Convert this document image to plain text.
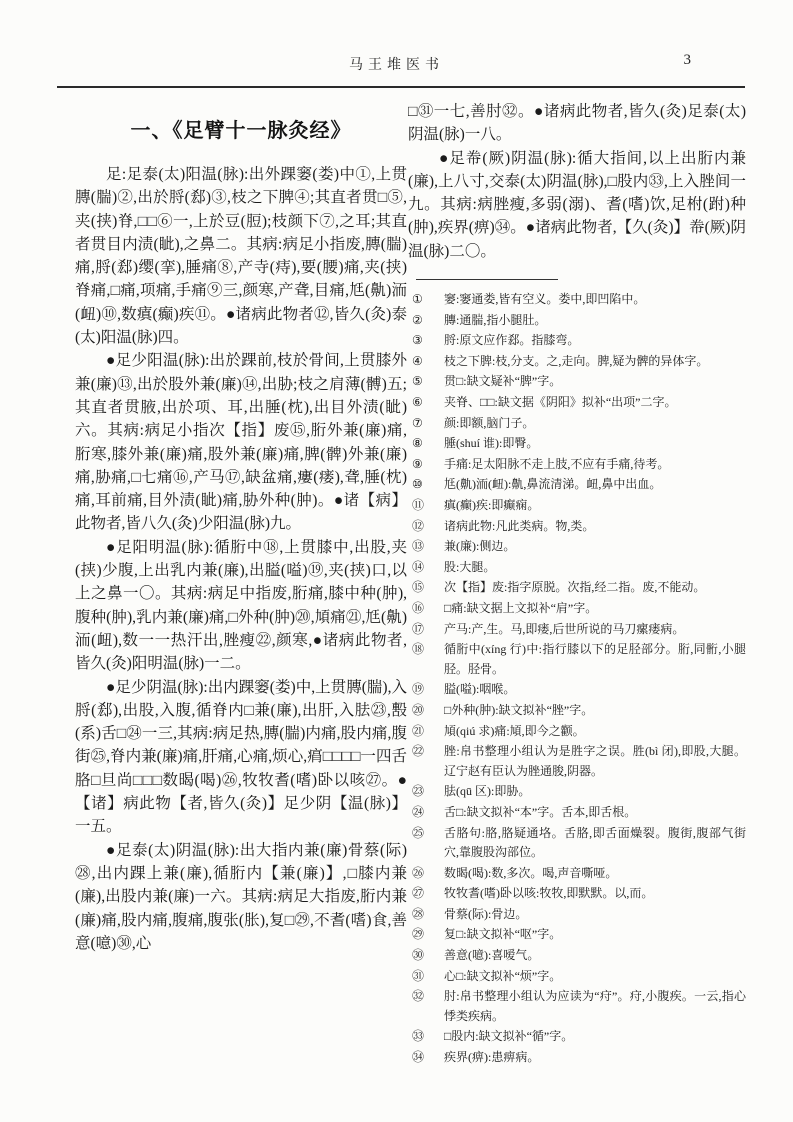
马王堆医书	3
一、《足臂十一脉灸经》

足:足泰(太)阳温(脉):出外踝窭(娄)中①,上贯膞(腨)②,出於脟(郄)③,枝之下脾④;其直者贯□⑤,夹(挟)脊,□□⑥一,上於豆(脰);枝颜下⑦,之耳;其直者贯目内渍(眦),之鼻二。其病:病足小指废,膞(腨)痛,脟(郄)缨(挛),腄痛⑧,产寺(痔),要(腰)痛,夹(挟)脊痛,□痛,项痛,手痛⑨三,颜寒,产聋,目痛,尪(鼽)洏(衄)⑩,数瘨(癫)疾⑪。●诸病此物者⑫,皆久(灸)泰(太)阳温(脉)四。

●足少阳温(脉):出於踝前,枝於骨间,上贯膝外兼(廉)⑬,出於股外兼(廉)⑭,出胁;枝之肩薄(髆)五;其直者贯腋,出於项、耳,出腄(枕),出目外渍(眦)六。其病:病足小指次【指】废⑮,胻外兼(廉)痛,胻寒,膝外兼(廉)痛,股外兼(廉)痛,脾(髀)外兼(廉)痛,胁痛,□七痛⑯,产马⑰,缺盆痛,瘻(瘘),聋,腄(枕)痛,耳前痛,目外渍(眦)痛,胁外种(肿)。●诸【病】此物者,皆八久(灸)少阳温(脉)九。

●足阳明温(脉):循胻中⑱,上贯膝中,出股,夹(挟)少腹,上出乳内兼(廉),出膉(嗌)⑲,夹(挟)口,以上之鼻一〇。其病:病足中指废,胻痛,膝中种(肿),腹种(肿),乳内兼(廉)痛,□外种(肿)⑳,頄痛㉑,尪(鼽)洏(衄),数一一热汗出,脞瘦㉒,颜寒,●诸病此物者,皆久(灸)阳明温(脉)一二。

●足少阴温(脉):出内踝窭(娄)中,上贯膞(腨),入脟(郄),出股,入腹,循脊内□兼(廉),出肝,入胠㉓,毄(系)舌□㉔一三,其病:病足热,膞(腨)内痛,股内痛,腹街㉕,脊内兼(廉)痛,肝痛,心痛,烦心,㾓□□□□一四舌胳□旦尚□□□数暍(喝)㉖,牧牧耆(嗜)卧以咳㉗。●【诸】病此物【者,皆久(灸)】足少阴【温(脉)】一五。

●足泰(太)阴温(脉):出大指内兼(廉)骨蔡(际)㉘,出内踝上兼(廉),循胻内【兼(廉)】,□膝内兼(廉),出股内兼(廉)一六。其病:病足大指废,胻内兼(廉)痛,股内痛,腹痛,腹张(胀),复□㉙,不耆(嗜)食,善意(噫)㉚,心

□㉛一七,善肘㉜。●诸病此物者,皆久(灸)足泰(太)阴温(脉)一八。

●足帣(厥)阴温(脉):循大指间,以上出胻内兼(廉),上八寸,交泰(太)阴温(脉),□股内㉝,上入脞间一九。其病:病脞瘦,多弱(溺)、耆(嗜)饮,足柎(跗)种(肿),疾界(痹)㉞。●诸病此物者,【久(灸)】帣(厥)阴温(脉)二〇。

①	窭:窭通娄,皆有空义。娄中,即凹陷中。
②	膞:通腨,指小腿肚。
③	脟:原文应作郄。指膝弯。
④	枝之下脾:枝,分支。之,走向。脾,疑为髀的异体字。
⑤	贯□:缺文疑补“脾”字。
⑥	夹脊、□□:缺文据《阴阳》拟补“出项”二字。
⑦	颜:即额,脑门子。
⑧	腄(shuí 谁):即臀。
⑨	手痛:足太阳脉不走上肢,不应有手痛,待考。
⑩	尪(鼽)洏(衄):鼽,鼻流清涕。衄,鼻中出血。
⑪	瘨(癫)疾:即癫痫。
⑫	诸病此物:凡此类病。物,类。
⑬	兼(廉):侧边。
⑭	股:大腿。
⑮	次【指】废:指字原脱。次指,经二指。废,不能动。
⑯	□痛:缺文据上文拟补“肩”字。
⑰	产马:产,生。马,即瘘,后世所说的马刀瘰瘘病。
⑱	循胻中(xíng 行)中:指行膝以下的足胫部分。胻,同䯒,小腿胫。胫骨。
⑲	膉(嗌):咽喉。
⑳	□外种(肿):缺文拟补“脞”字。
㉑	頄(qiú 求)痛:頄,即今之颧。
㉒	脞:帛书整理小组认为是胜字之误。胜(bì 闭),即股,大腿。辽宁赵有臣认为脞通朘,阴器。
㉓	胠(qū 区):即胁。
㉔	舌□:缺文拟补“本”字。舌本,即舌根。
㉕	舌胳句:胳,胳疑通垎。舌胳,即舌面燥裂。腹街,腹部气街穴,靠腹股沟部位。
㉖	数暍(喝):数,多次。喝,声音嘶哑。
㉗	牧牧耆(嗜)卧以咳:牧牧,即默默。以,而。
㉘	骨蔡(际):骨边。
㉙	复□:缺文拟补“呕”字。
㉚	善意(噫):喜嗳气。
㉛	心□:缺文拟补“烦”字。
㉜	肘:帛书整理小组认为应读为“疛”。疛,小腹疾。一云,指心悸类疾病。
㉝	□股内:缺文拟补“循”字。
㉞	疾界(痹):患痹病。
